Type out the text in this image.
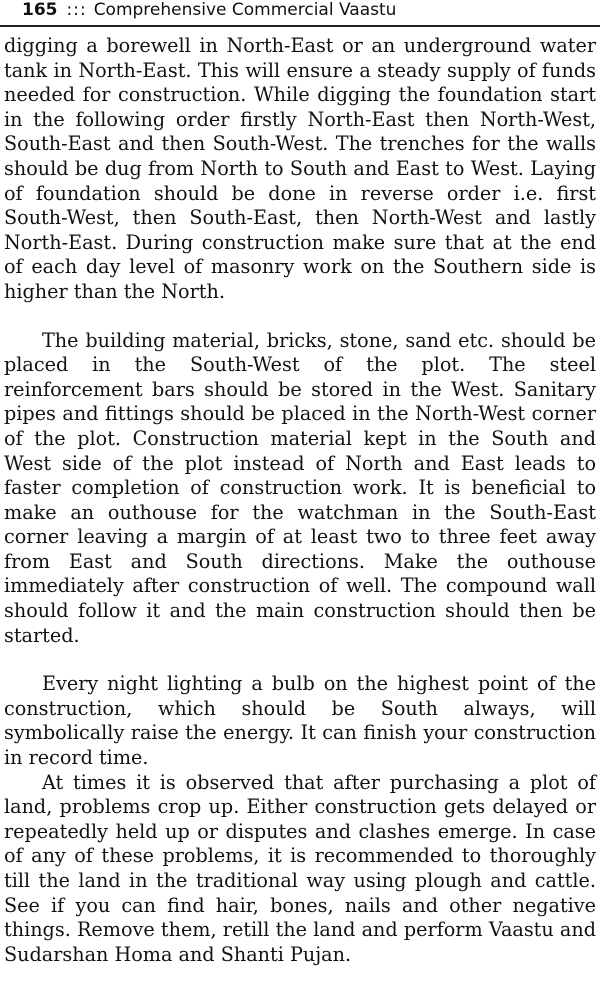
165 ::: Comprehensive Commercial Vaastu

digging a borewell in North-East or an underground water tank in North-East. This will ensure a steady supply of funds needed for construction. While digging the foundation start in the following order firstly North-East then North-West, South-East and then South-West. The trenches for the walls should be dug from North to South and East to West. Laying of foundation should be done in reverse order i.e. first South-West, then South-East, then North-West and lastly North-East. During construction make sure that at the end of each day level of masonry work on the Southern side is higher than the North.

The building material, bricks, stone, sand etc. should be placed in the South-West of the plot. The steel reinforcement bars should be stored in the West. Sanitary pipes and fittings should be placed in the North-West corner of the plot. Construction material kept in the South and West side of the plot instead of North and East leads to faster completion of construction work. It is beneficial to make an outhouse for the watchman in the South-East corner leaving a margin of at least two to three feet away from East and South directions. Make the outhouse immediately after construction of well. The compound wall should follow it and the main construction should then be started.

Every night lighting a bulb on the highest point of the construction, which should be South always, will symbolically raise the energy. It can finish your construction in record time.

At times it is observed that after purchasing a plot of land, problems crop up. Either construction gets delayed or repeatedly held up or disputes and clashes emerge. In case of any of these problems, it is recommended to thoroughly till the land in the traditional way using plough and cattle. See if you can find hair, bones, nails and other negative things. Remove them, retill the land and perform Vaastu and Sudarshan Homa and Shanti Pujan.
